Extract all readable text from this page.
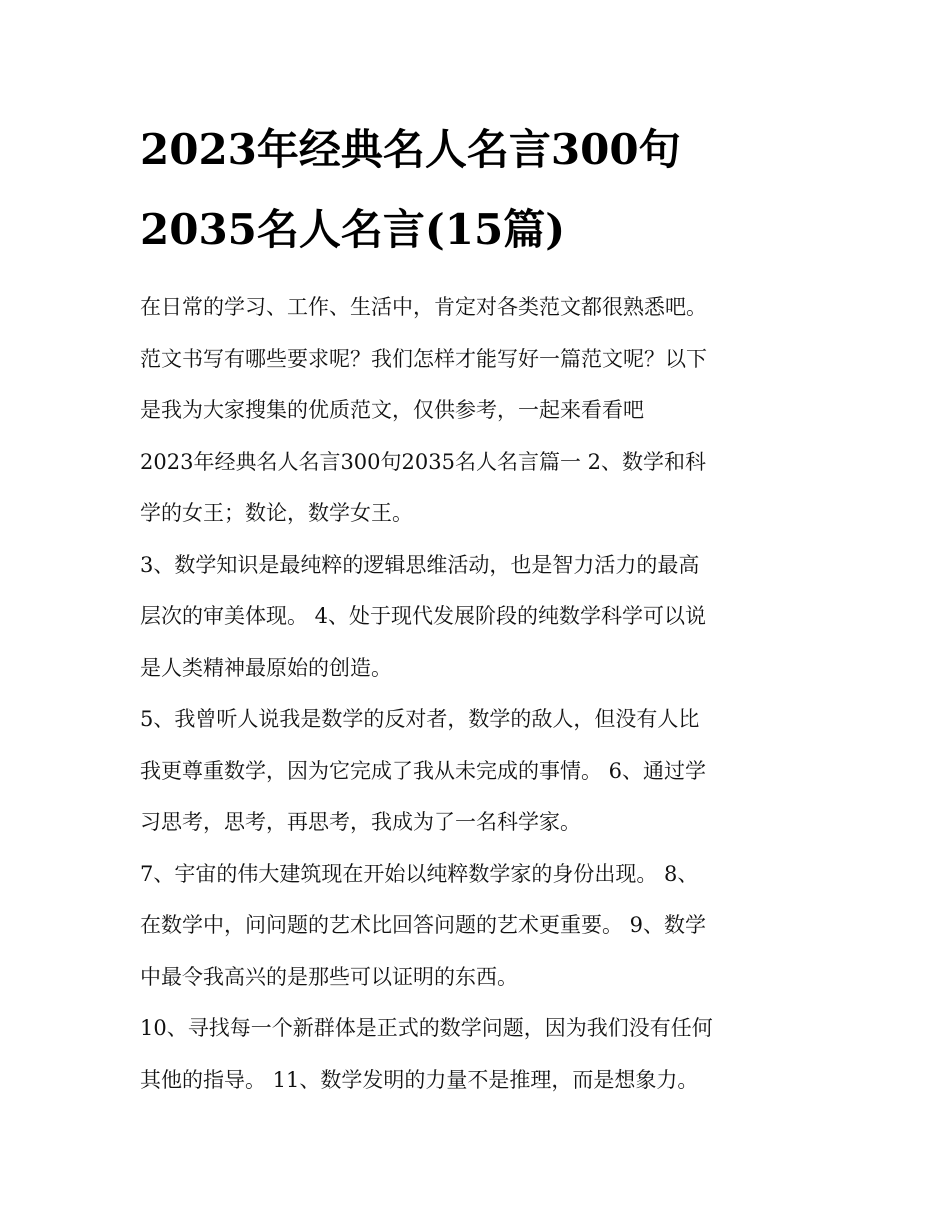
2023年经典名人名言300句
2035名人名言(15篇)

在日常的学习、工作、生活中，肯定对各类范文都很熟悉吧。
范文书写有哪些要求呢？我们怎样才能写好一篇范文呢？以下
是我为大家搜集的优质范文，仅供参考，一起来看看吧

2023年经典名人名言300句2035名人名言篇一 2、数学和科
学的女王；数论，数学女王。

3、数学知识是最纯粹的逻辑思维活动，也是智力活力的最高
层次的审美体现。 4、处于现代发展阶段的纯数学科学可以说
是人类精神最原始的创造。

5、我曾听人说我是数学的反对者，数学的敌人，但没有人比
我更尊重数学，因为它完成了我从未完成的事情。 6、通过学
习思考，思考，再思考，我成为了一名科学家。

7、宇宙的伟大建筑现在开始以纯粹数学家的身份出现。 8、
在数学中，问问题的艺术比回答问题的艺术更重要。 9、数学
中最令我高兴的是那些可以证明的东西。

10、寻找每一个新群体是正式的数学问题，因为我们没有任何
其他的指导。 11、数学发明的力量不是推理，而是想象力。
